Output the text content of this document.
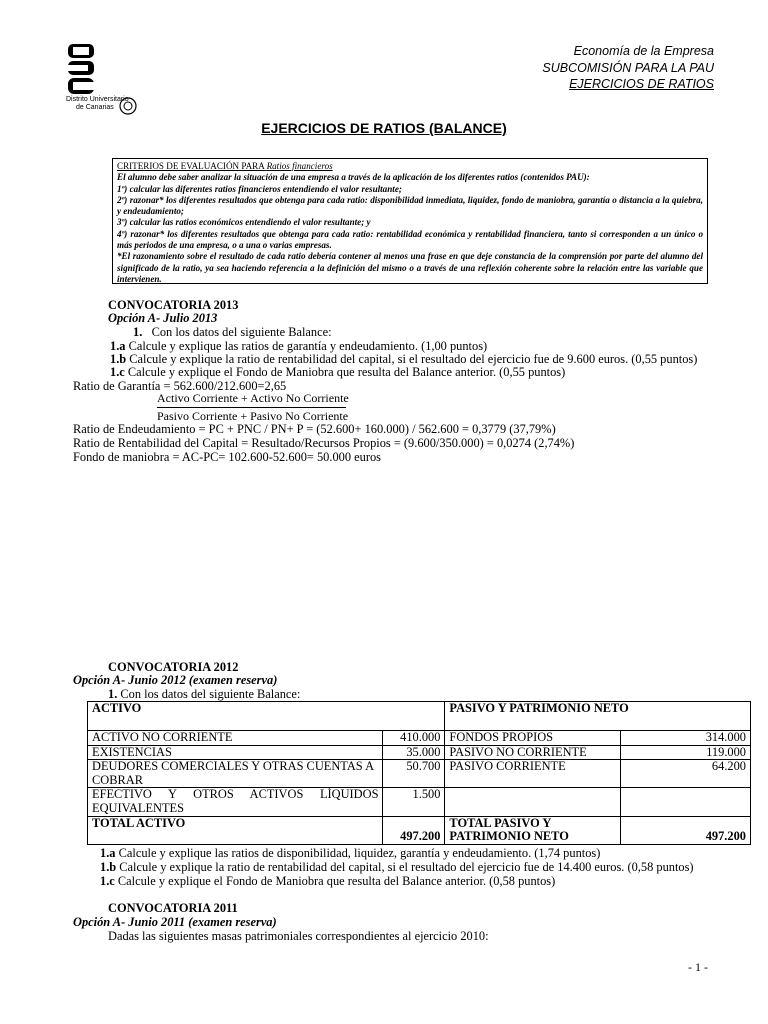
Distrito Universitario
de Canarias
Economía de la Empresa
SUBCOMISIÓN PARA LA PAU
EJERCICIOS DE RATIOS
EJERCICIOS DE RATIOS (BALANCE)
CRITERIOS DE EVALUACIÓN PARA Ratios financieros
El alumno debe saber analizar la situación de una empresa a través de la aplicación de los diferentes ratios (contenidos PAU):
1º) calcular las diferentes ratios financieros entendiendo el valor resultante;
2º) razonar* los diferentes resultados que obtenga para cada ratio: disponibilidad inmediata, liquidez, fondo de maniobra, garantía o distancia a la quiebra, y endeudamiento;
3º) calcular las ratios económicos entendiendo el valor resultante; y
4º) razonar* los diferentes resultados que obtenga para cada ratio: rentabilidad económica y rentabilidad financiera, tanto si corresponden a un único o más periodos de una empresa, o a una o varias empresas.
*El razonamiento sobre el resultado de cada ratio debería contener al menos una frase en que deje constancia de la comprensión por parte del alumno del significado de la ratio, ya sea haciendo referencia a la definición del mismo o a través de una reflexión coherente sobre la relación entre las variable que intervienen.
CONVOCATORIA 2013
Opción A- Julio 2013
1. Con los datos del siguiente Balance:
1.a Calcule y explique las ratios de garantía y endeudamiento. (1,00 puntos)
1.b Calcule y explique la ratio de rentabilidad del capital, si el resultado del ejercicio fue de 9.600 euros. (0,55 puntos)
1.c Calcule y explique el Fondo de Maniobra que resulta del Balance anterior. (0,55 puntos)
Ratio de Garantía = 562.600/212.600=2,65
Activo Corriente + Activo No Corriente
Pasivo Corriente + Pasivo No Corriente
Ratio de Endeudamiento = PC + PNC / PN+ P = (52.600+ 160.000) / 562.600 = 0,3779 (37,79%)
Ratio de Rentabilidad del Capital = Resultado/Recursos Propios = (9.600/350.000) = 0,0274 (2,74%)
Fondo de maniobra = AC-PC= 102.600-52.600= 50.000 euros
CONVOCATORIA 2012
Opción A- Junio 2012 (examen reserva)
1. Con los datos del siguiente Balance:
ACTIVO		PASIVO Y PATRIMONIO NETO	
ACTIVO NO CORRIENTE	410.000	FONDOS PROPIOS	314.000
EXISTENCIAS	35.000	PASIVO NO CORRIENTE	119.000
DEUDORES COMERCIALES Y OTRAS CUENTAS A COBRAR	50.700	PASIVO CORRIENTE	64.200
EFECTIVO Y OTROS ACTIVOS LÍQUIDOS EQUIVALENTES	1.500		
TOTAL ACTIVO	497.200	TOTAL PASIVO Y PATRIMONIO NETO	497.200
1.a Calcule y explique las ratios de disponibilidad, liquidez, garantía y endeudamiento. (1,74 puntos)
1.b Calcule y explique la ratio de rentabilidad del capital, si el resultado del ejercicio fue de 14.400 euros. (0,58 puntos)
1.c Calcule y explique el Fondo de Maniobra que resulta del Balance anterior. (0,58 puntos)
CONVOCATORIA 2011
Opción A- Junio 2011 (examen reserva)
Dadas las siguientes masas patrimoniales correspondientes al ejercicio 2010:
- 1 -
